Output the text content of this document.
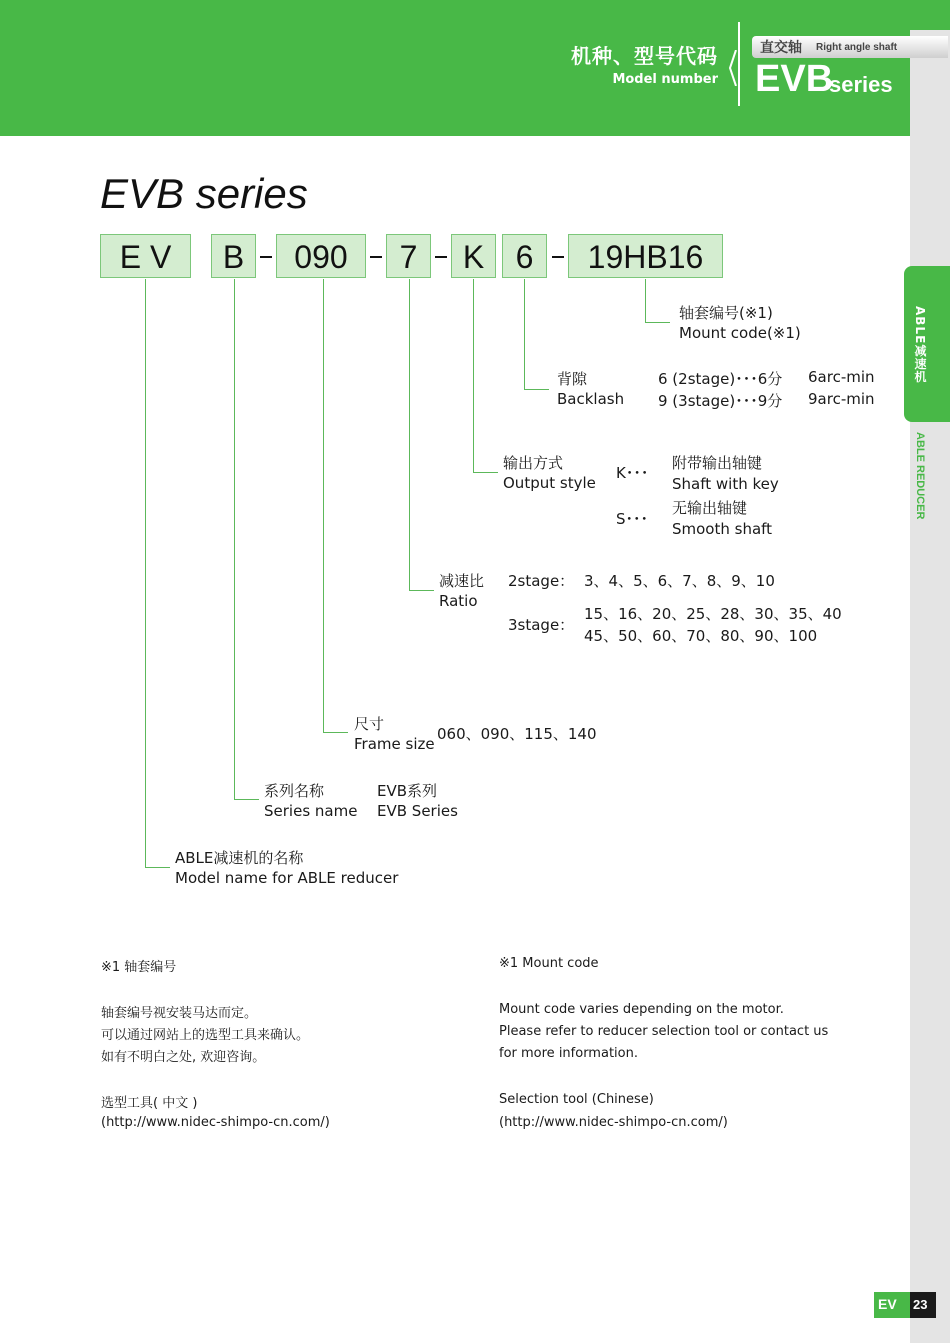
机种、型号代码
Model number
直交轴 Right angle shaft
EVB
series
ABLE减速机
ABLE REDUCER
EVB series
E V	B	090	7	K 6	19HB16
轴套编号(※1)
Mount code(※1)
背隙
Backlash
6 (2stage)･･･6分 6arc-min
9 (3stage)･･･9分 9arc-min
输出方式
Output style
K･･･
附带输出轴键
Shaft with key
S･･･
无输出轴键
Smooth shaft
减速比
Ratio
2stage： 3、4、5、6、7、8、9、10
3stage：
15、16、20、25、28、30、35、40
45、50、60、70、80、90、100
尺寸
Frame size
060、090、115、140
系列名称
Series name
EVB系列
EVB Series
ABLE减速机的名称
Model name for ABLE reducer
※1 轴套编号
轴套编号视安装马达而定。
可以通过网站上的选型工具来确认。
如有不明白之处, 欢迎咨询。
选型工具( 中文 )
(http://www.nidec-shimpo-cn.com/)
※1 Mount code
Mount code varies depending on the motor.
Please refer to reducer selection tool or contact us
for more information.
Selection tool (Chinese)
(http://www.nidec-shimpo-cn.com/)
EV 23
